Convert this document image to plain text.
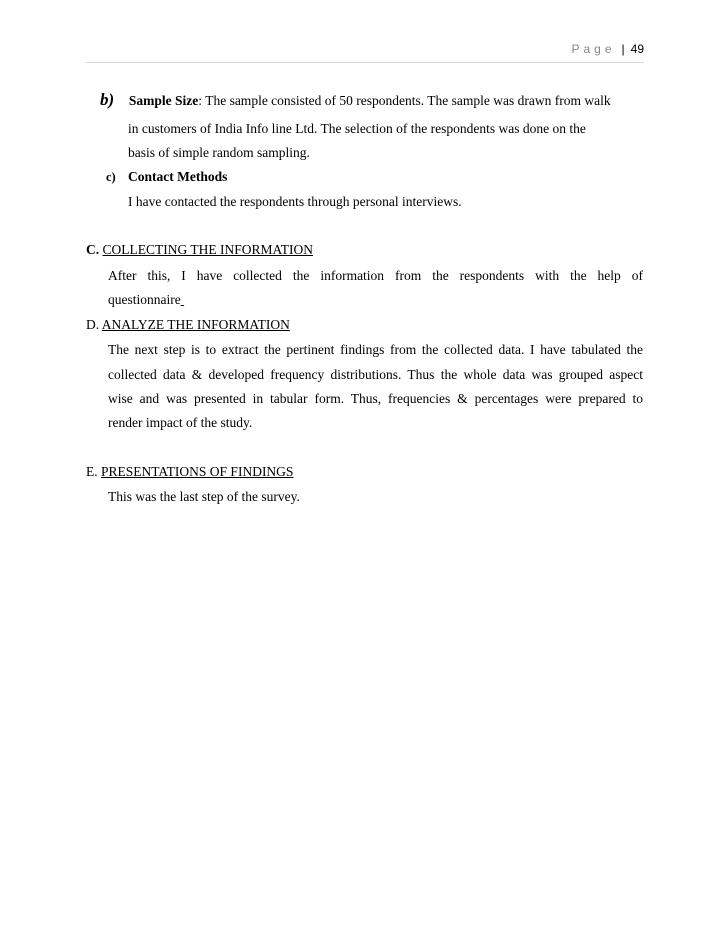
Page | 49
b) Sample Size: The sample consisted of 50 respondents. The sample was drawn from walk
in customers of India Info line Ltd. The selection of the respondents was done on the
basis of simple random sampling.
c) Contact Methods
I have contacted the respondents through personal interviews.
C. COLLECTING THE INFORMATION
After this, I have collected the information from the respondents with the help of
questionnaire
D. ANALYZE THE INFORMATION
The next step is to extract the pertinent findings from the collected data. I have tabulated the
collected data & developed frequency distributions. Thus the whole data was grouped aspect
wise and was presented in tabular form. Thus, frequencies & percentages were prepared to
render impact of the study.
E. PRESENTATIONS OF FINDINGS
This was the last step of the survey.
